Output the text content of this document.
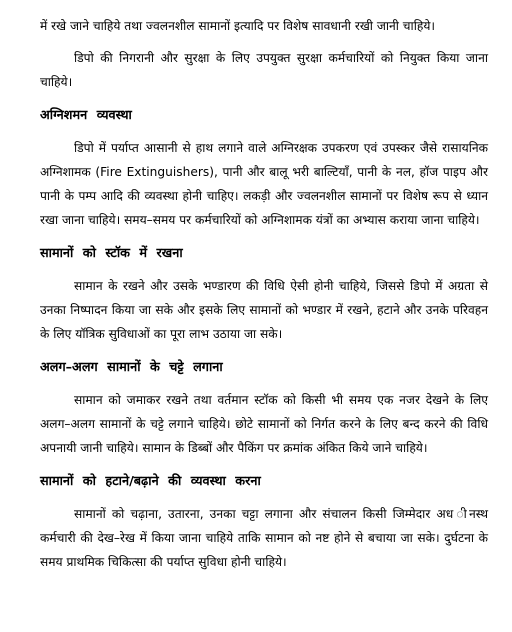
में रखे जाने चाहिये तथा ज्वलनशील सामानों इत्यादि पर विशेष सावधानी रखी जानी चाहिये।

डिपो की निगरानी और सुरक्षा के लिए उपयुक्त सुरक्षा कर्मचारियों को नियुक्त किया जाना चाहिये।

अग्निशमन व्यवस्था

डिपो में पर्याप्त आसानी से हाथ लगाने वाले अग्निरक्षक उपकरण एवं उपस्कर जैसे रासायनिक अग्निशामक (Fire Extinguishers), पानी और बालू भरी बाल्टियाँ, पानी के नल, हॉज पाइप और पानी के पम्प आदि की व्यवस्था होनी चाहिए। लकड़ी और ज्वलनशील सामानों पर विशेष रूप से ध्यान रखा जाना चाहिये। समय–समय पर कर्मचारियों को अग्निशामक यंत्रों का अभ्यास कराया जाना चाहिये।

सामानों को स्टॉक में रखना

सामान के रखने और उसके भण्डारण की विधि ऐसी होनी चाहिये, जिससे डिपो में अग्रता से उनका निष्पादन किया जा सके और इसके लिए सामानों को भण्डार में रखने, हटाने और उनके परिवहन के लिए यॉत्रिक सुविधाओं का पूरा लाभ उठाया जा सके।

अलग–अलग सामानों के चट्टे लगाना

सामान को जमाकर रखने तथा वर्तमान स्टॉक को किसी भी समय एक नजर देखने के लिए अलग–अलग सामानों के चट्टे लगाने चाहिये। छोटे सामानों को निर्गत करने के लिए बन्द करने की विधि अपनायी जानी चाहिये। सामान के डिब्बों और पैकिंग पर क्रमांक अंकित किये जाने चाहिये।

सामानों को हटाने/बढ़ाने की व्यवस्था करना

सामानों को चढ़ाना, उतारना, उनका चट्टा लगाना और संचालन किसी जिम्मेदार अध ीनस्थ कर्मचारी की देख–रेख में किया जाना चाहिये ताकि सामान को नष्ट होने से बचाया जा सके। दुर्घटना के समय प्राथमिक चिकित्सा की पर्याप्त सुविधा होनी चाहिये।
